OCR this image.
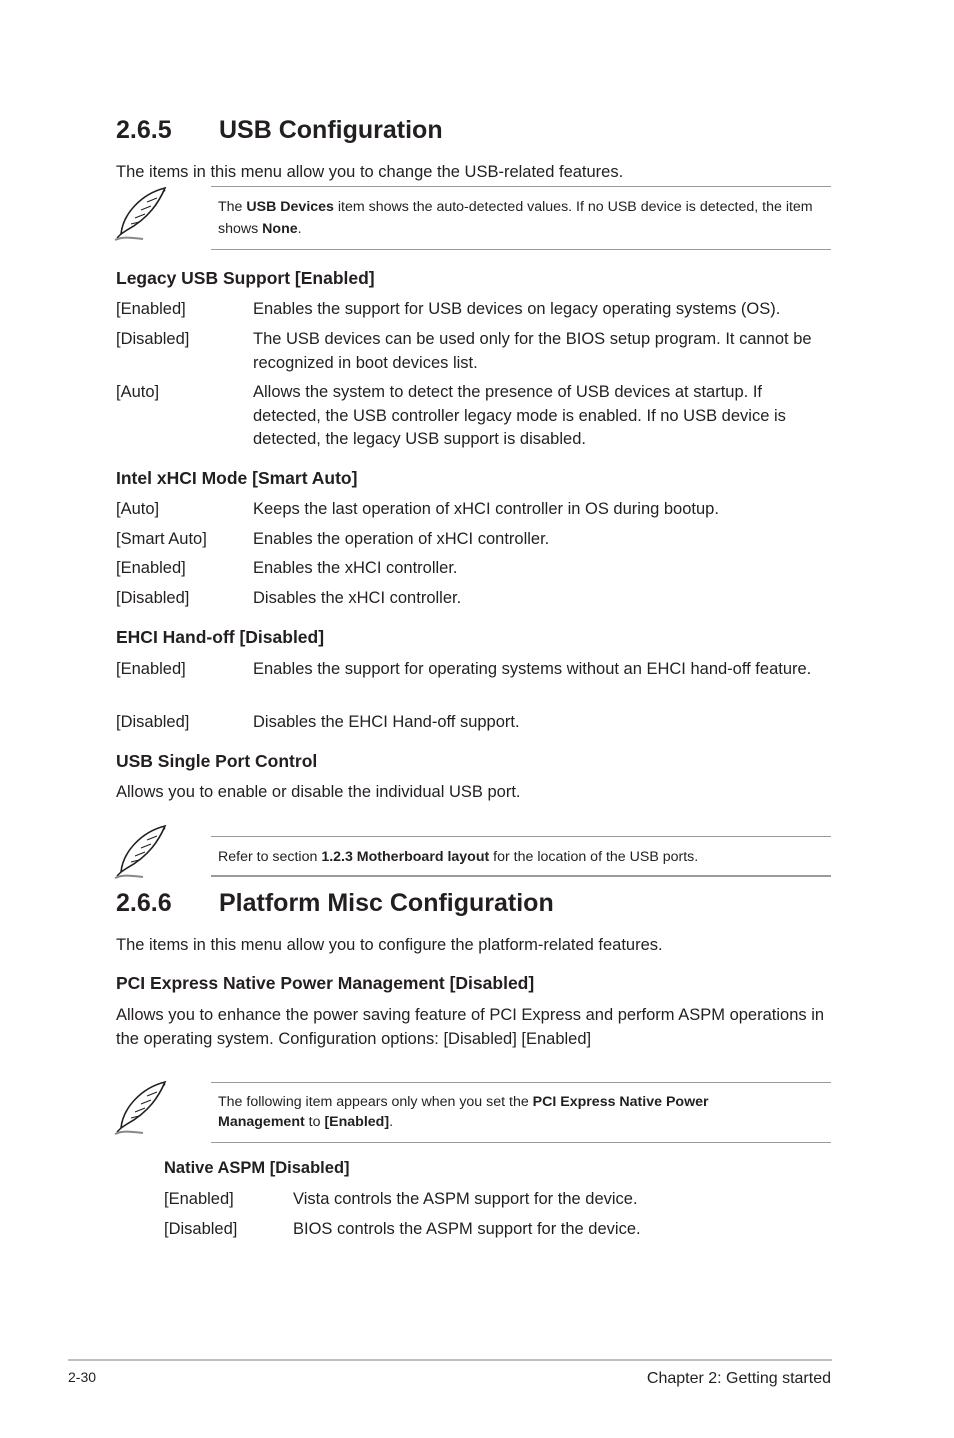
2.6.5 USB Configuration
The items in this menu allow you to change the USB-related features.
The USB Devices item shows the auto-detected values. If no USB device is detected, the item shows None.
Legacy USB Support [Enabled]
[Enabled]	Enables the support for USB devices on legacy operating systems (OS).
[Disabled]	The USB devices can be used only for the BIOS setup program. It cannot be recognized in boot devices list.
[Auto]	Allows the system to detect the presence of USB devices at startup. If detected, the USB controller legacy mode is enabled. If no USB device is detected, the legacy USB support is disabled.
Intel xHCI Mode [Smart Auto]
[Auto]	Keeps the last operation of xHCI controller in OS during bootup.
[Smart Auto]	Enables the operation of xHCI controller.
[Enabled]	Enables the xHCI controller.
[Disabled]	Disables the xHCI controller.
EHCI Hand-off [Disabled]
[Enabled]	Enables the support for operating systems without an EHCI hand-off feature.
[Disabled]	Disables the EHCI Hand-off support.
USB Single Port Control
Allows you to enable or disable the individual USB port.
Refer to section 1.2.3 Motherboard layout for the location of the USB ports.
2.6.6 Platform Misc Configuration
The items in this menu allow you to configure the platform-related features.
PCI Express Native Power Management [Disabled]
Allows you to enhance the power saving feature of PCI Express and perform ASPM operations in the operating system. Configuration options: [Disabled] [Enabled]
The following item appears only when you set the PCI Express Native Power Management to [Enabled].
Native ASPM [Disabled]
[Enabled]	Vista controls the ASPM support for the device.
[Disabled]	BIOS controls the ASPM support for the device.
2-30	Chapter 2: Getting started
